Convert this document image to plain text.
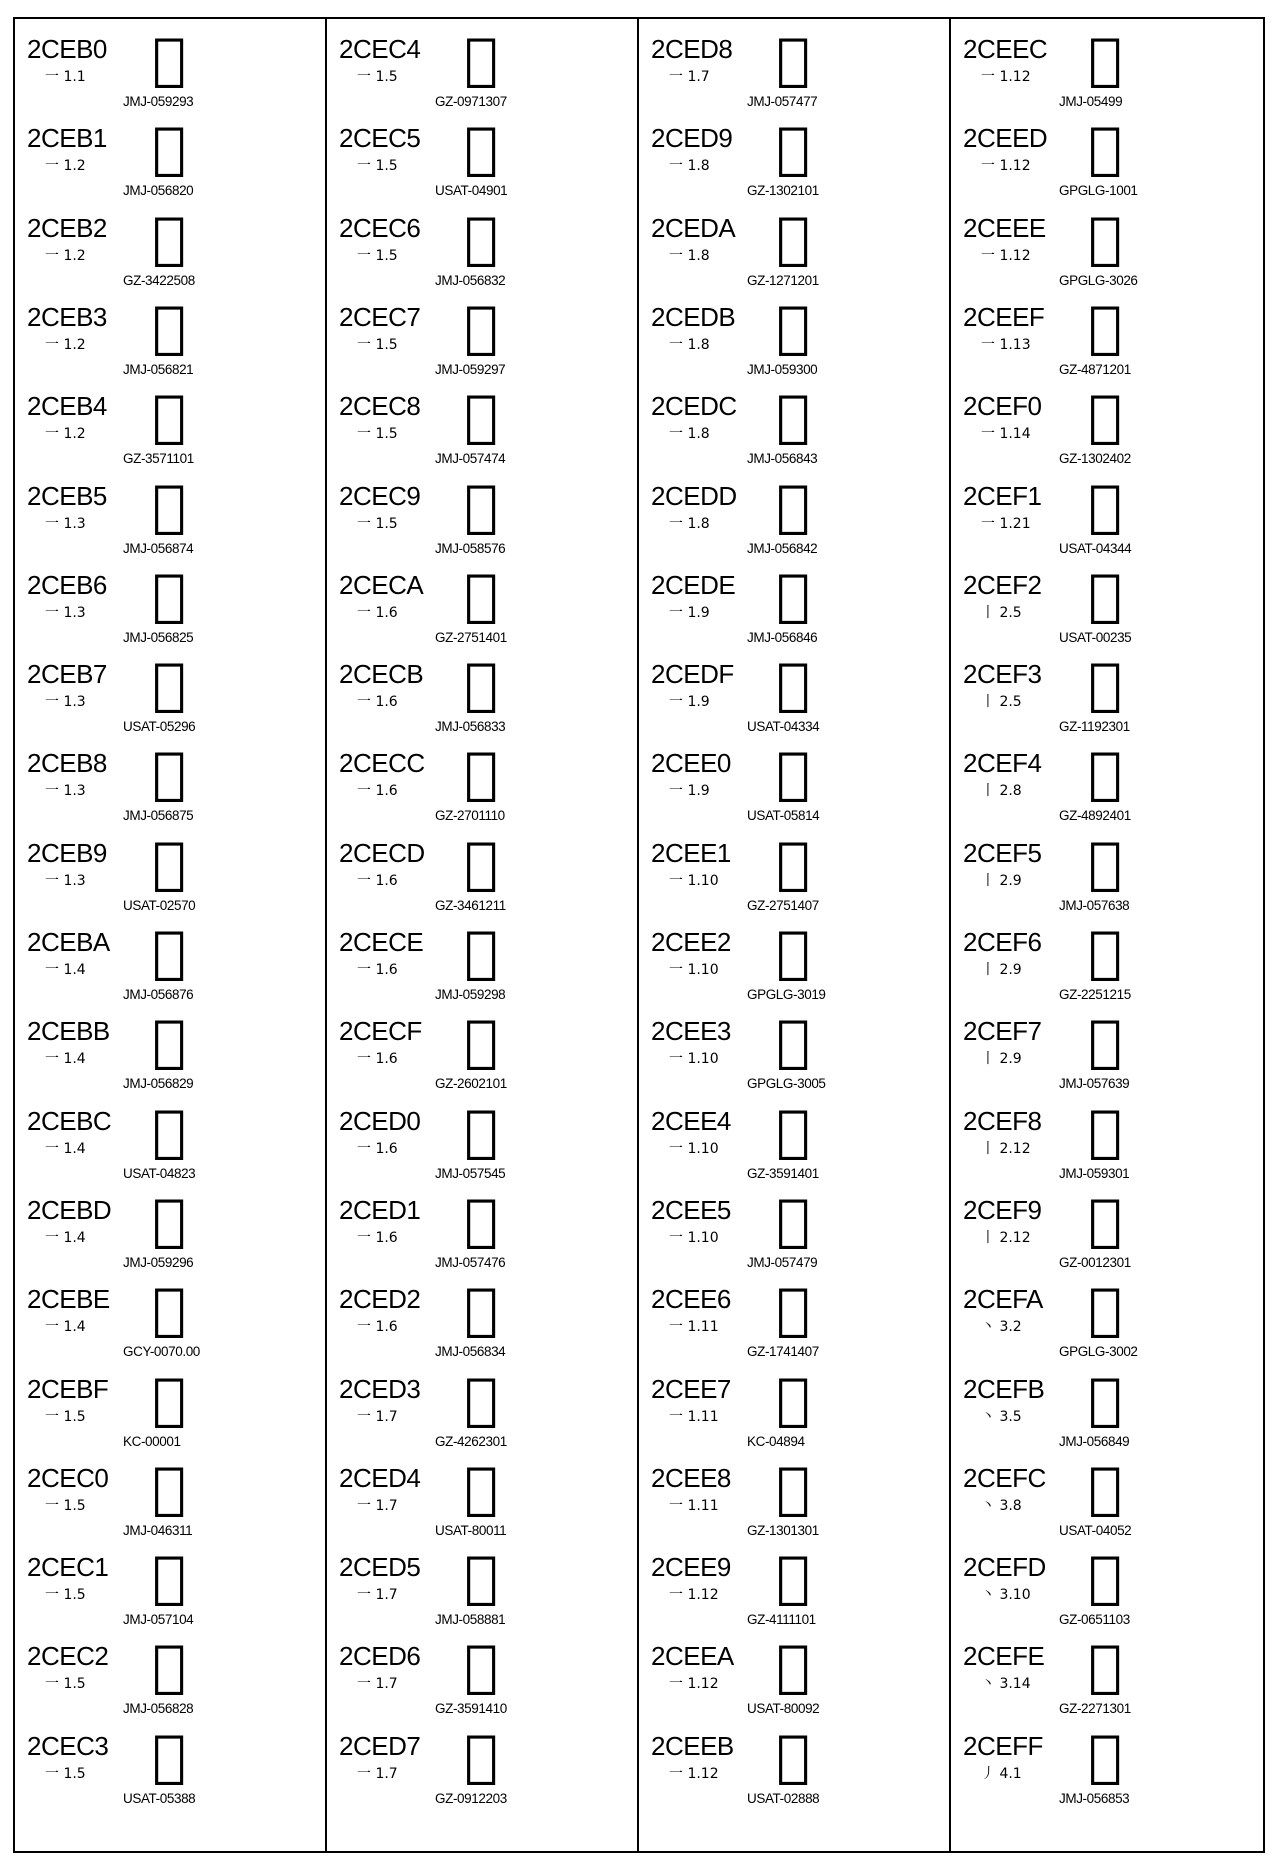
2CEB0
一 1.1	𬺰
JMJ-059293
2CEB1
一 1.2	𬺱
JMJ-056820
2CEB2
一 1.2	𬺲
GZ-3422508
2CEB3
一 1.2	𬺳
JMJ-056821
2CEB4
一 1.2	𬺴
GZ-3571101
2CEB5
一 1.3	𬺵
JMJ-056874
2CEB6
一 1.3	𬺶
JMJ-056825
2CEB7
一 1.3	𬺷
USAT-05296
2CEB8
一 1.3	𬺸
JMJ-056875
2CEB9
一 1.3	𬺹
USAT-02570
2CEBA
一 1.4	𬺺
JMJ-056876
2CEBB
一 1.4	𬺻
JMJ-056829
2CEBC
一 1.4	𬺼
USAT-04823
2CEBD
一 1.4	𬺽
JMJ-059296
2CEBE
一 1.4	𬺾
GCY-0070.00
2CEBF
一 1.5	𬺿
KC-00001
2CEC0
一 1.5	𬻀
JMJ-046311
2CEC1
一 1.5	𬻁
JMJ-057104
2CEC2
一 1.5	𬻂
JMJ-056828
2CEC3
一 1.5	𬻃
USAT-05388
2CEC4
一 1.5	𬻄
GZ-0971307
2CEC5
一 1.5	𬻅
USAT-04901
2CEC6
一 1.5	𬻆
JMJ-056832
2CEC7
一 1.5	𬻇
JMJ-059297
2CEC8
一 1.5	𬻈
JMJ-057474
2CEC9
一 1.5	𬻉
JMJ-058576
2CECA
一 1.6	𬻊
GZ-2751401
2CECB
一 1.6	𬻋
JMJ-056833
2CECC
一 1.6	𬻌
GZ-2701110
2CECD
一 1.6	𬻍
GZ-3461211
2CECE
一 1.6	𬻎
JMJ-059298
2CECF
一 1.6	𬻏
GZ-2602101
2CED0
一 1.6	𬻐
JMJ-057545
2CED1
一 1.6	𬻑
JMJ-057476
2CED2
一 1.6	𬻒
JMJ-056834
2CED3
一 1.7	𬻓
GZ-4262301
2CED4
一 1.7	𬻔
USAT-80011
2CED5
一 1.7	𬻕
JMJ-058881
2CED6
一 1.7	𬻖
GZ-3591410
2CED7
一 1.7	𬻗
GZ-0912203
2CED8
一 1.7	𬻘
JMJ-057477
2CED9
一 1.8	𬻙
GZ-1302101
2CEDA
一 1.8	𬻚
GZ-1271201
2CEDB
一 1.8	𬻛
JMJ-059300
2CEDC
一 1.8	𬻜
JMJ-056843
2CEDD
一 1.8	𬻝
JMJ-056842
2CEDE
一 1.9	𬻞
JMJ-056846
2CEDF
一 1.9	𬻟
USAT-04334
2CEE0
一 1.9	𬻠
USAT-05814
2CEE1
一 1.10	𬻡
GZ-2751407
2CEE2
一 1.10	𬻢
GPGLG-3019
2CEE3
一 1.10	𬻣
GPGLG-3005
2CEE4
一 1.10	𬻤
GZ-3591401
2CEE5
一 1.10	𬻥
JMJ-057479
2CEE6
一 1.11	𬻦
GZ-1741407
2CEE7
一 1.11	𬻧
KC-04894
2CEE8
一 1.11	𬻨
GZ-1301301
2CEE9
一 1.12	𬻩
GZ-4111101
2CEEA
一 1.12	𬻪
USAT-80092
2CEEB
一 1.12	𬻫
USAT-02888
2CEEC
一 1.12	𬻬
JMJ-05499
2CEED
一 1.12	𬻭
GPGLG-1001
2CEEE
一 1.12	𬻮
GPGLG-3026
2CEEF
一 1.13	𬻯
GZ-4871201
2CEF0
一 1.14	𬻰
GZ-1302402
2CEF1
一 1.21	𬻱
USAT-04344
2CEF2
丨 2.5	𬻲
USAT-00235
2CEF3
丨 2.5	𬻳
GZ-1192301
2CEF4
丨 2.8	𬻴
GZ-4892401
2CEF5
丨 2.9	𬻵
JMJ-057638
2CEF6
丨 2.9	𬻶
GZ-2251215
2CEF7
丨 2.9	𬻷
JMJ-057639
2CEF8
丨 2.12	𬻸
JMJ-059301
2CEF9
丨 2.12	𬻹
GZ-0012301
2CEFA
丶 3.2	𬻺
GPGLG-3002
2CEFB
丶 3.5	𬻻
JMJ-056849
2CEFC
丶 3.8	𬻼
USAT-04052
2CEFD
丶 3.10	𬻽
GZ-0651103
2CEFE
丶 3.14	𬻾
GZ-2271301
2CEFF
丿 4.1	𬻿
JMJ-056853
